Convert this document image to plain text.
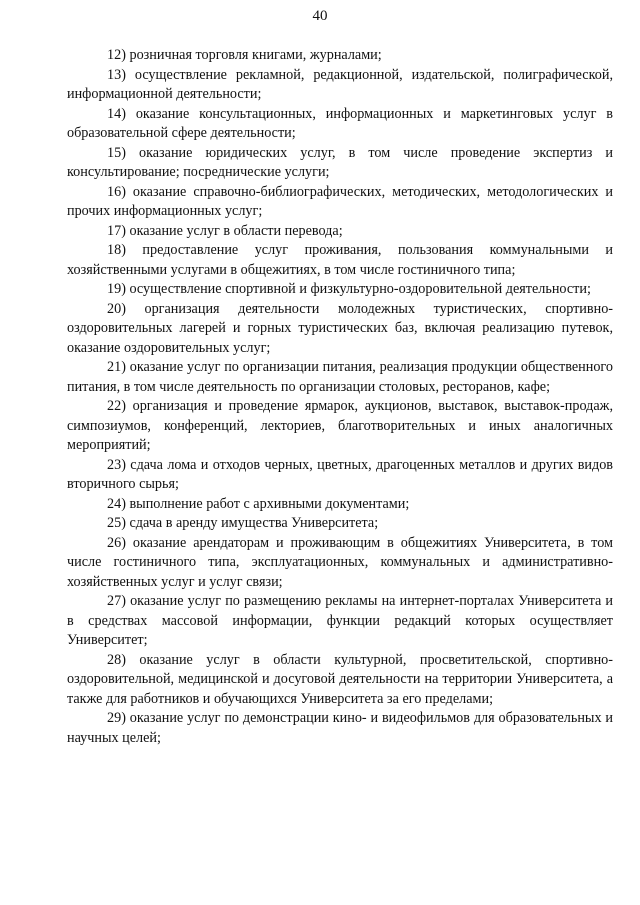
40

12) розничная торговля книгами, журналами;

13) осуществление рекламной, редакционной, издательской, полиграфической, информационной деятельности;

14) оказание консультационных, информационных и маркетинговых услуг в образовательной сфере деятельности;

15) оказание юридических услуг, в том числе проведение экспертиз и консультирование; посреднические услуги;

16) оказание справочно-библиографических, методических, методологических и прочих информационных услуг;

17) оказание услуг в области перевода;

18) предоставление услуг проживания, пользования коммунальными и хозяйственными услугами в общежитиях, в том числе гостиничного типа;

19) осуществление спортивной и физкультурно-оздоровительной деятельности;

20) организация деятельности молодежных туристических, спортивно-оздоровительных лагерей и горных туристических баз, включая реализацию путевок, оказание оздоровительных услуг;

21) оказание услуг по организации питания, реализация продукции общественного питания, в том числе деятельность по организации столовых, ресторанов, кафе;

22) организация и проведение ярмарок, аукционов, выставок, выставок-продаж, симпозиумов, конференций, лекториев, благотворительных и иных аналогичных мероприятий;

23) сдача лома и отходов черных, цветных, драгоценных металлов и других видов вторичного сырья;

24) выполнение работ с архивными документами;

25) сдача в аренду имущества Университета;

26) оказание арендаторам и проживающим в общежитиях Университета, в том числе гостиничного типа, эксплуатационных, коммунальных и административно-хозяйственных услуг и услуг связи;

27) оказание услуг по размещению рекламы на интернет-порталах Университета и в средствах массовой информации, функции редакций которых осуществляет Университет;

28) оказание услуг в области культурной, просветительской, спортивно-оздоровительной, медицинской и досуговой деятельности на территории Университета, а также для работников и обучающихся Университета за его пределами;

29) оказание услуг по демонстрации кино- и видеофильмов для образовательных и научных целей;
